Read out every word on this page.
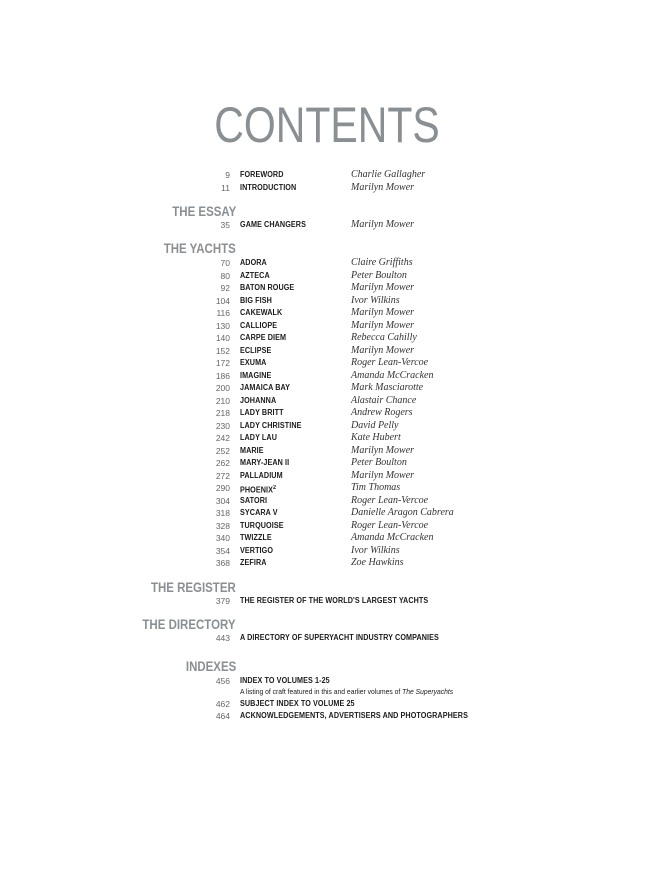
CONTENTS
9 FOREWORD	Charlie Gallagher
11 INTRODUCTION	Marilyn Mower
THE ESSAY
35 GAME CHANGERS	Marilyn Mower
THE YACHTS
70 ADORA	Claire Griffiths
80 AZTECA	Peter Boulton
92 BATON ROUGE	Marilyn Mower
104 BIG FISH	Ivor Wilkins
116 CAKEWALK	Marilyn Mower
130 CALLIOPE	Marilyn Mower
140 CARPE DIEM	Rebecca Cahilly
152 ECLIPSE	Marilyn Mower
172 EXUMA	Roger Lean-Vercoe
186 IMAGINE	Amanda McCracken
200 JAMAICA BAY	Mark Masciarotte
210 JOHANNA	Alastair Chance
218 LADY BRITT	Andrew Rogers
230 LADY CHRISTINE	David Pelly
242 LADY LAU	Kate Hubert
252 MARIE	Marilyn Mower
262 MARY-JEAN II	Peter Boulton
272 PALLADIUM	Marilyn Mower
290 PHOENIX$^2$	Tim Thomas
304 SATORI	Roger Lean-Vercoe
318 SYCARA V	Danielle Aragon Cabrera
328 TURQUOISE	Roger Lean-Vercoe
340 TWIZZLE	Amanda McCracken
354 VERTIGO	Ivor Wilkins
368 ZEFIRA	Zoe Hawkins
THE REGISTER
379 THE REGISTER OF THE WORLD'S LARGEST YACHTS
THE DIRECTORY
443 A DIRECTORY OF SUPERYACHT INDUSTRY COMPANIES
INDEXES
456 INDEX TO VOLUMES 1-25
A listing of craft featured in this and earlier volumes of The Superyachts
462 SUBJECT INDEX TO VOLUME 25
464 ACKNOWLEDGEMENTS, ADVERTISERS AND PHOTOGRAPHERS
